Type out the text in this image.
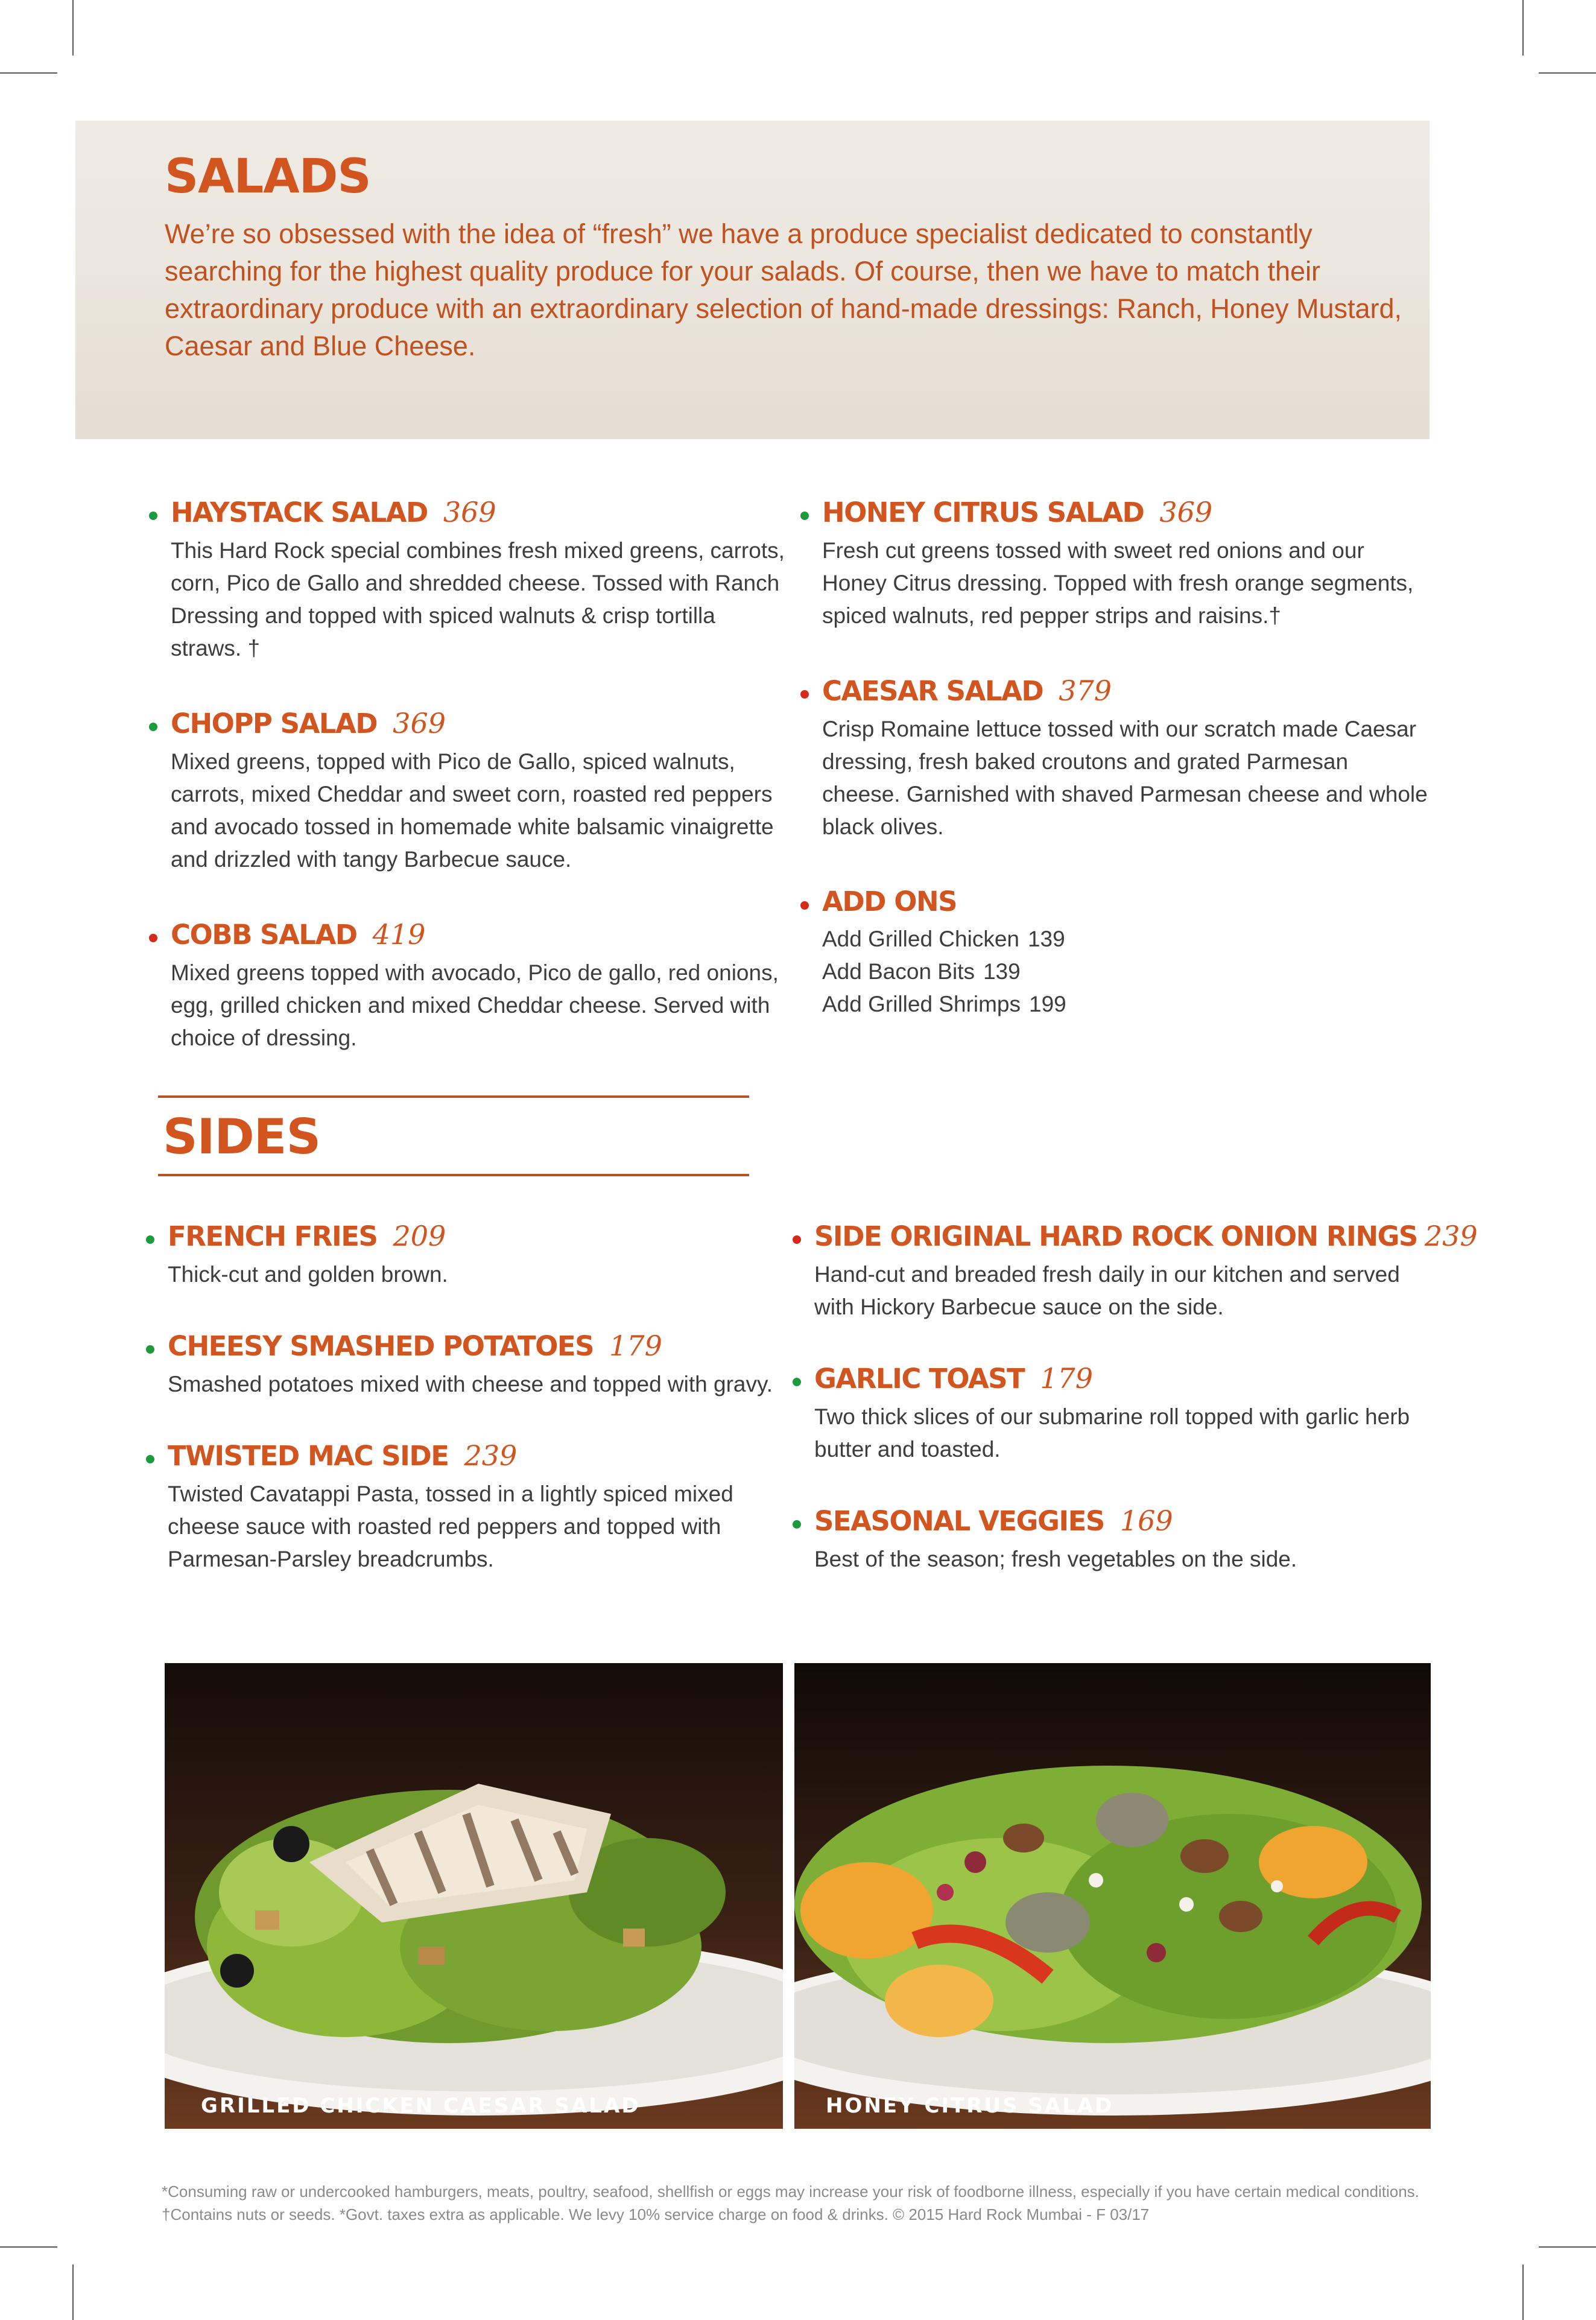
SALADS

We’re so obsessed with the idea of “fresh” we have a produce specialist dedicated to constantly searching for the highest quality produce for your salads. Of course, then we have to match their extraordinary produce with an extraordinary selection of hand-made dressings: Ranch, Honey Mustard, Caesar and Blue Cheese.

HAYSTACK SALAD 369

This Hard Rock special combines fresh mixed greens, carrots, corn, Pico de Gallo and shredded cheese. Tossed with Ranch Dressing and topped with spiced walnuts & crisp tortilla straws. †

CHOPP SALAD 369

Mixed greens, topped with Pico de Gallo, spiced walnuts, carrots, mixed Cheddar and sweet corn, roasted red peppers and avocado tossed in homemade white balsamic vinaigrette and drizzled with tangy Barbecue sauce.

COBB SALAD 419

Mixed greens topped with avocado, Pico de gallo, red onions, egg, grilled chicken and mixed Cheddar cheese. Served with choice of dressing.

HONEY CITRUS SALAD 369

Fresh cut greens tossed with sweet red onions and our Honey Citrus dressing. Topped with fresh orange segments, spiced walnuts, red pepper strips and raisins.†

CAESAR SALAD 379

Crisp Romaine lettuce tossed with our scratch made Caesar dressing, fresh baked croutons and grated Parmesan cheese. Garnished with shaved Parmesan cheese and whole black olives.

ADD ONS
Add Grilled Chicken 139
Add Bacon Bits 139
Add Grilled Shrimps 199
SIDES
FRENCH FRIES 209

Thick-cut and golden brown.

CHEESY SMASHED POTATOES 179

Smashed potatoes mixed with cheese and topped with gravy.

TWISTED MAC SIDE 239

Twisted Cavatappi Pasta, tossed in a lightly spiced mixed cheese sauce with roasted red peppers and topped with Parmesan-Parsley breadcrumbs.

SIDE ORIGINAL HARD ROCK ONION RINGS 239

Hand-cut and breaded fresh daily in our kitchen and served with Hickory Barbecue sauce on the side.

GARLIC TOAST 179

Two thick slices of our submarine roll topped with garlic herb butter and toasted.

SEASONAL VEGGIES 169

Best of the season; fresh vegetables on the side.

GRILLED CHICKEN CAESAR SALAD	HONEY CITRUS SALAD

*Consuming raw or undercooked hamburgers, meats, poultry, seafood, shellfish or eggs may increase your risk of foodborne illness, especially if you have certain medical conditions. †Contains nuts or seeds. *Govt. taxes extra as applicable. We levy 10% service charge on food & drinks. © 2015 Hard Rock Mumbai - F 03/17
